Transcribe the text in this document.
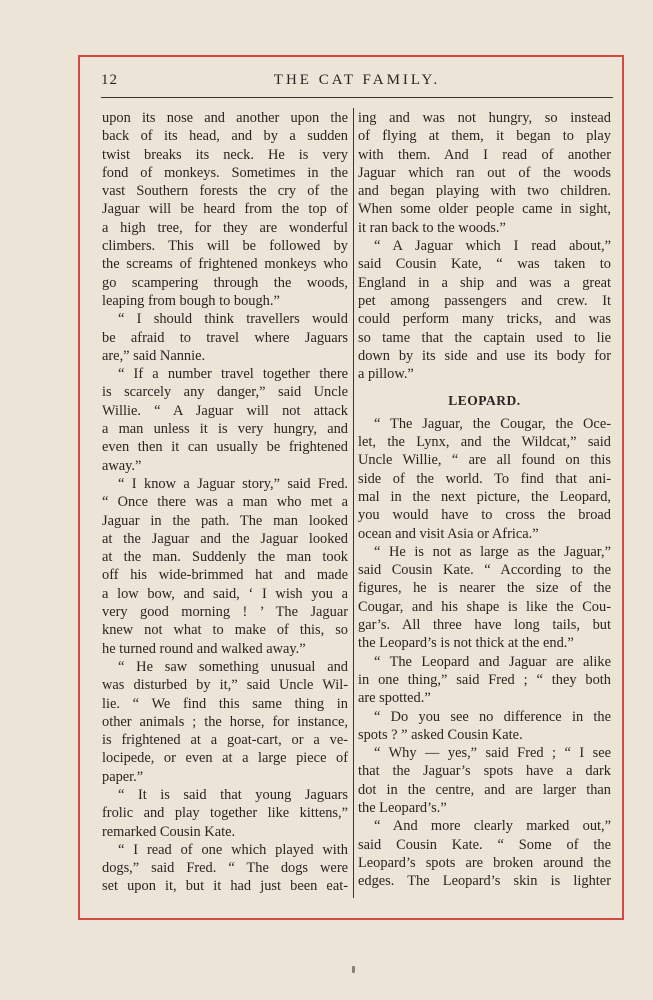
12	THE CAT FAMILY.
upon its nose and another upon the
back of its head, and by a sudden
twist breaks its neck. He is very
fond of monkeys. Sometimes in the
vast Southern forests the cry of the
Jaguar will be heard from the top of
a high tree, for they are wonderful
climbers. This will be followed by
the screams of frightened monkeys who
go scampering through the woods,
leaping from bough to bough.”
“ I should think travellers would
be afraid to travel where Jaguars
are,” said Nannie.
“ If a number travel together there
is scarcely any danger,” said Uncle
Willie. “ A Jaguar will not attack
a man unless it is very hungry, and
even then it can usually be frightened
away.”
“ I know a Jaguar story,” said Fred.
“ Once there was a man who met a
Jaguar in the path. The man looked
at the Jaguar and the Jaguar looked
at the man. Suddenly the man took
off his wide-brimmed hat and made
a low bow, and said, ‘ I wish you a
very good morning ! ’ The Jaguar
knew not what to make of this, so
he turned round and walked away.”
“ He saw something unusual and
was disturbed by it,” said Uncle Wil-
lie. “ We find this same thing in
other animals ; the horse, for instance,
is frightened at a goat-cart, or a ve-
locipede, or even at a large piece of
paper.”
“ It is said that young Jaguars
frolic and play together like kittens,”
remarked Cousin Kate.
“ I read of one which played with
dogs,” said Fred. “ The dogs were
set upon it, but it had just been eat-
ing and was not hungry, so instead
of flying at them, it began to play
with them. And I read of another
Jaguar which ran out of the woods
and began playing with two children.
When some older people came in sight,
it ran back to the woods.”
“ A Jaguar which I read about,”
said Cousin Kate, “ was taken to
England in a ship and was a great
pet among passengers and crew. It
could perform many tricks, and was
so tame that the captain used to lie
down by its side and use its body for
a pillow.”
LEOPARD.
“ The Jaguar, the Cougar, the Oce-
let, the Lynx, and the Wildcat,” said
Uncle Willie, “ are all found on this
side of the world. To find that ani-
mal in the next picture, the Leopard,
you would have to cross the broad
ocean and visit Asia or Africa.”
“ He is not as large as the Jaguar,”
said Cousin Kate. “ According to the
figures, he is nearer the size of the
Cougar, and his shape is like the Cou-
gar’s. All three have long tails, but
the Leopard’s is not thick at the end.”
“ The Leopard and Jaguar are alike
in one thing,” said Fred ; “ they both
are spotted.”
“ Do you see no difference in the
spots ? ” asked Cousin Kate.
“ Why — yes,” said Fred ; “ I see
that the Jaguar’s spots have a dark
dot in the centre, and are larger than
the Leopard’s.”
“ And more clearly marked out,”
said Cousin Kate. “ Some of the
Leopard’s spots are broken around the
edges. The Leopard’s skin is lighter
